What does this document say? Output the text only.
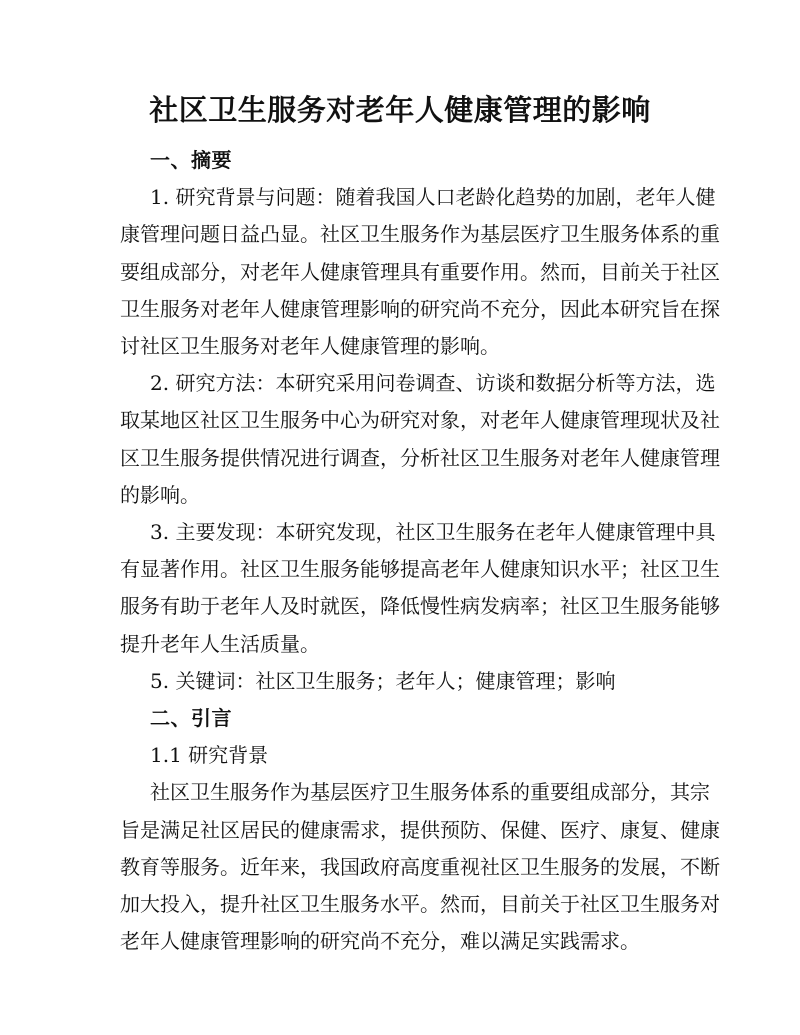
社区卫生服务对老年人健康管理的影响
一、摘要
1. 研究背景与问题：随着我国人口老龄化趋势的加剧，老年人健
康管理问题日益凸显。社区卫生服务作为基层医疗卫生服务体系的重
要组成部分，对老年人健康管理具有重要作用。然而，目前关于社区
卫生服务对老年人健康管理影响的研究尚不充分，因此本研究旨在探
讨社区卫生服务对老年人健康管理的影响。
2. 研究方法：本研究采用问卷调查、访谈和数据分析等方法，选
取某地区社区卫生服务中心为研究对象，对老年人健康管理现状及社
区卫生服务提供情况进行调查，分析社区卫生服务对老年人健康管理
的影响。
3. 主要发现：本研究发现，社区卫生服务在老年人健康管理中具
有显著作用。社区卫生服务能够提高老年人健康知识水平；社区卫生
服务有助于老年人及时就医，降低慢性病发病率；社区卫生服务能够
提升老年人生活质量。
5. 关键词：社区卫生服务；老年人；健康管理；影响
二、引言
1.1 研究背景
社区卫生服务作为基层医疗卫生服务体系的重要组成部分，其宗
旨是满足社区居民的健康需求，提供预防、保健、医疗、康复、健康
教育等服务。近年来，我国政府高度重视社区卫生服务的发展，不断
加大投入，提升社区卫生服务水平。然而，目前关于社区卫生服务对
老年人健康管理影响的研究尚不充分，难以满足实践需求。
